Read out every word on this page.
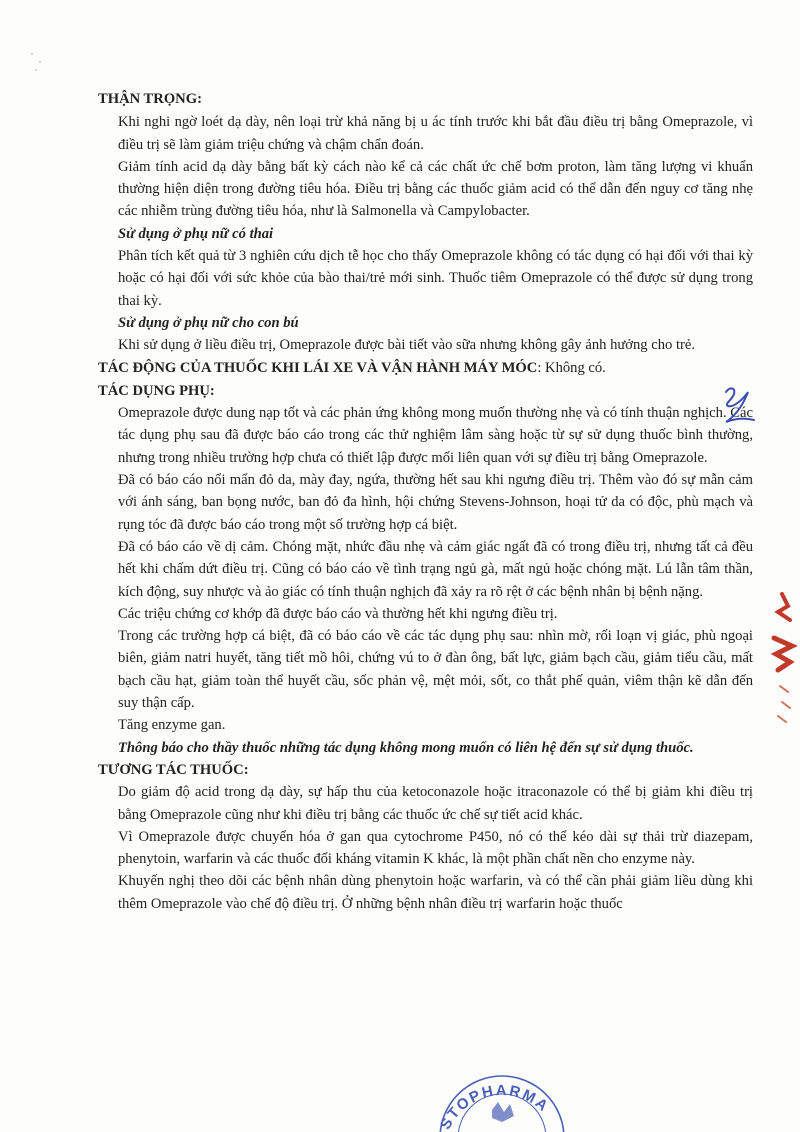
THẬN TRỌNG:
Khi nghi ngờ loét dạ dày, nên loại trừ khả năng bị u ác tính trước khi bắt đầu điều trị bằng Omeprazole, vì điều trị sẽ làm giảm triệu chứng và chậm chẩn đoán.
Giảm tính acid dạ dày bằng bất kỳ cách nào kể cả các chất ức chế bơm proton, làm tăng lượng vi khuẩn thường hiện diện trong đường tiêu hóa. Điều trị bằng các thuốc giảm acid có thể dẫn đến nguy cơ tăng nhẹ các nhiễm trùng đường tiêu hóa, như là Salmonella và Campylobacter.
Sử dụng ở phụ nữ có thai
Phân tích kết quả từ 3 nghiên cứu dịch tễ học cho thấy Omeprazole không có tác dụng có hại đối với thai kỳ hoặc có hại đối với sức khỏe của bào thai/trẻ mới sinh. Thuốc tiêm Omeprazole có thể được sử dụng trong thai kỳ.
Sử dụng ở phụ nữ cho con bú
Khi sử dụng ở liều điều trị, Omeprazole được bài tiết vào sữa nhưng không gây ảnh hưởng cho trẻ.
TÁC ĐỘNG CỦA THUỐC KHI LÁI XE VÀ VẬN HÀNH MÁY MÓC: Không có.
TÁC DỤNG PHỤ:
Omeprazole được dung nạp tốt và các phản ứng không mong muốn thường nhẹ và có tính thuận nghịch. Các tác dụng phụ sau đã được báo cáo trong các thử nghiệm lâm sàng hoặc từ sự sử dụng thuốc bình thường, nhưng trong nhiều trường hợp chưa có thiết lập được mối liên quan với sự điều trị bằng Omeprazole.
Đã có báo cáo nổi mẩn đỏ da, mày đay, ngứa, thường hết sau khi ngưng điều trị. Thêm vào đó sự mẫn cảm với ánh sáng, ban bọng nước, ban đỏ đa hình, hội chứng Stevens-Johnson, hoại tử da có độc, phù mạch và rụng tóc đã được báo cáo trong một số trường hợp cá biệt.
Đã có báo cáo về dị cảm. Chóng mặt, nhức đầu nhẹ và cảm giác ngất đã có trong điều trị, nhưng tất cả đều hết khi chấm dứt điều trị. Cũng có báo cáo về tình trạng ngủ gà, mất ngủ hoặc chóng mặt. Lú lẫn tâm thần, kích động, suy nhược và ảo giác có tính thuận nghịch đã xảy ra rõ rệt ở các bệnh nhân bị bệnh nặng.
Các triệu chứng cơ khớp đã được báo cáo và thường hết khi ngưng điều trị.
Trong các trường hợp cá biệt, đã có báo cáo về các tác dụng phụ sau: nhìn mờ, rối loạn vị giác, phù ngoại biên, giảm natri huyết, tăng tiết mồ hôi, chứng vú to ở đàn ông, bất lực, giảm bạch cầu, giảm tiểu cầu, mất bạch cầu hạt, giảm toàn thể huyết cầu, sốc phản vệ, mệt mỏi, sốt, co thắt phế quản, viêm thận kẽ dẫn đến suy thận cấp.
Tăng enzyme gan.
Thông báo cho thầy thuốc những tác dụng không mong muốn có liên hệ đến sự sử dụng thuốc.
TƯƠNG TÁC THUỐC:
Do giảm độ acid trong dạ dày, sự hấp thu của ketoconazole hoặc itraconazole có thể bị giảm khi điều trị bằng Omeprazole cũng như khi điều trị bằng các thuốc ức chế sự tiết acid khác.
Vì Omeprazole được chuyển hóa ở gan qua cytochrome P450, nó có thể kéo dài sự thải trừ diazepam, phenytoin, warfarin và các thuốc đối kháng vitamin K khác, là một phần chất nền cho enzyme này.
Khuyến nghị theo dõi các bệnh nhân dùng phenytoin hoặc warfarin, và có thể cần phải giảm liều dùng khi thêm Omeprazole vào chế độ điều trị. Ở những bệnh nhân điều trị warfarin hoặc thuốc
STOPHARMA
